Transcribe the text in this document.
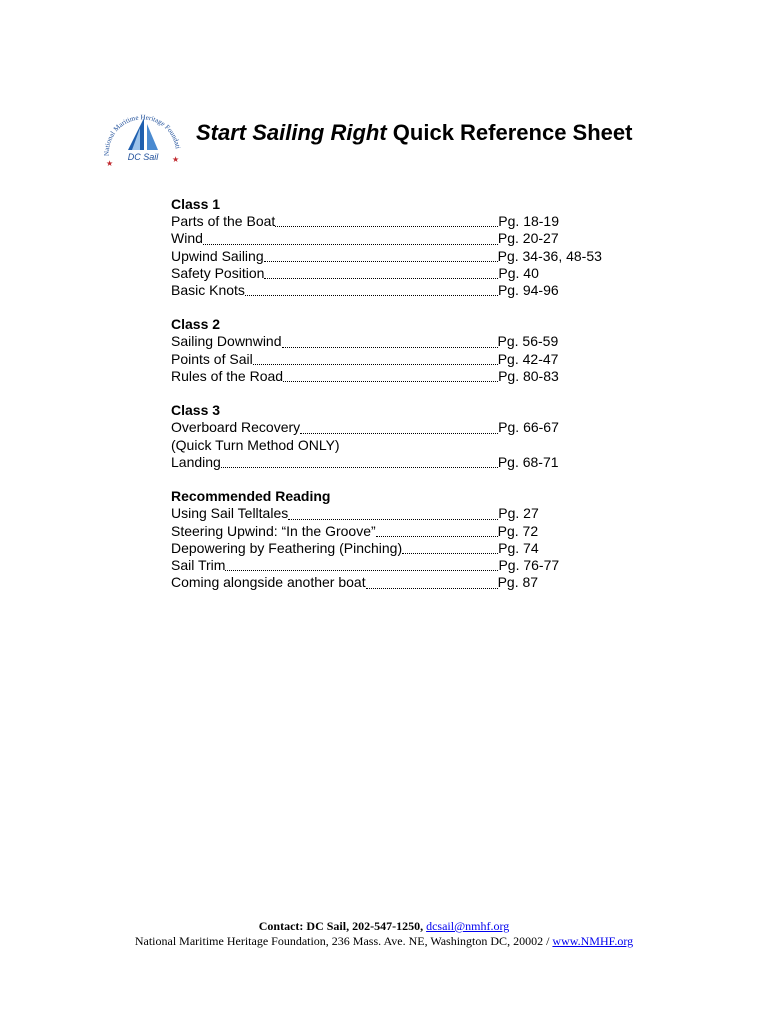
National Maritime Heritage Foundati
★	★
DC Sail
Start Sailing Right Quick Reference Sheet
Class 1
Parts of the Boat	Pg. 18-19
Wind	Pg. 20-27
Upwind Sailing	Pg. 34-36, 48-53
Safety Position	Pg. 40
Basic Knots	Pg. 94-96
Class 2
Sailing Downwind	Pg. 56-59
Points of Sail	Pg. 42-47
Rules of the Road	Pg. 80-83
Class 3
Overboard Recovery	Pg. 66-67
(Quick Turn Method ONLY)
Landing	Pg. 68-71
Recommended Reading
Using Sail Telltales	Pg. 27
Steering Upwind: “In the Groove”	Pg. 72
Depowering by Feathering (Pinching)	Pg. 74
Sail Trim	Pg. 76-77
Coming alongside another boat	Pg. 87
Contact: DC Sail, 202-547-1250, dcsail@nmhf.org
National Maritime Heritage Foundation, 236 Mass. Ave. NE, Washington DC, 20002 / www.NMHF.org
